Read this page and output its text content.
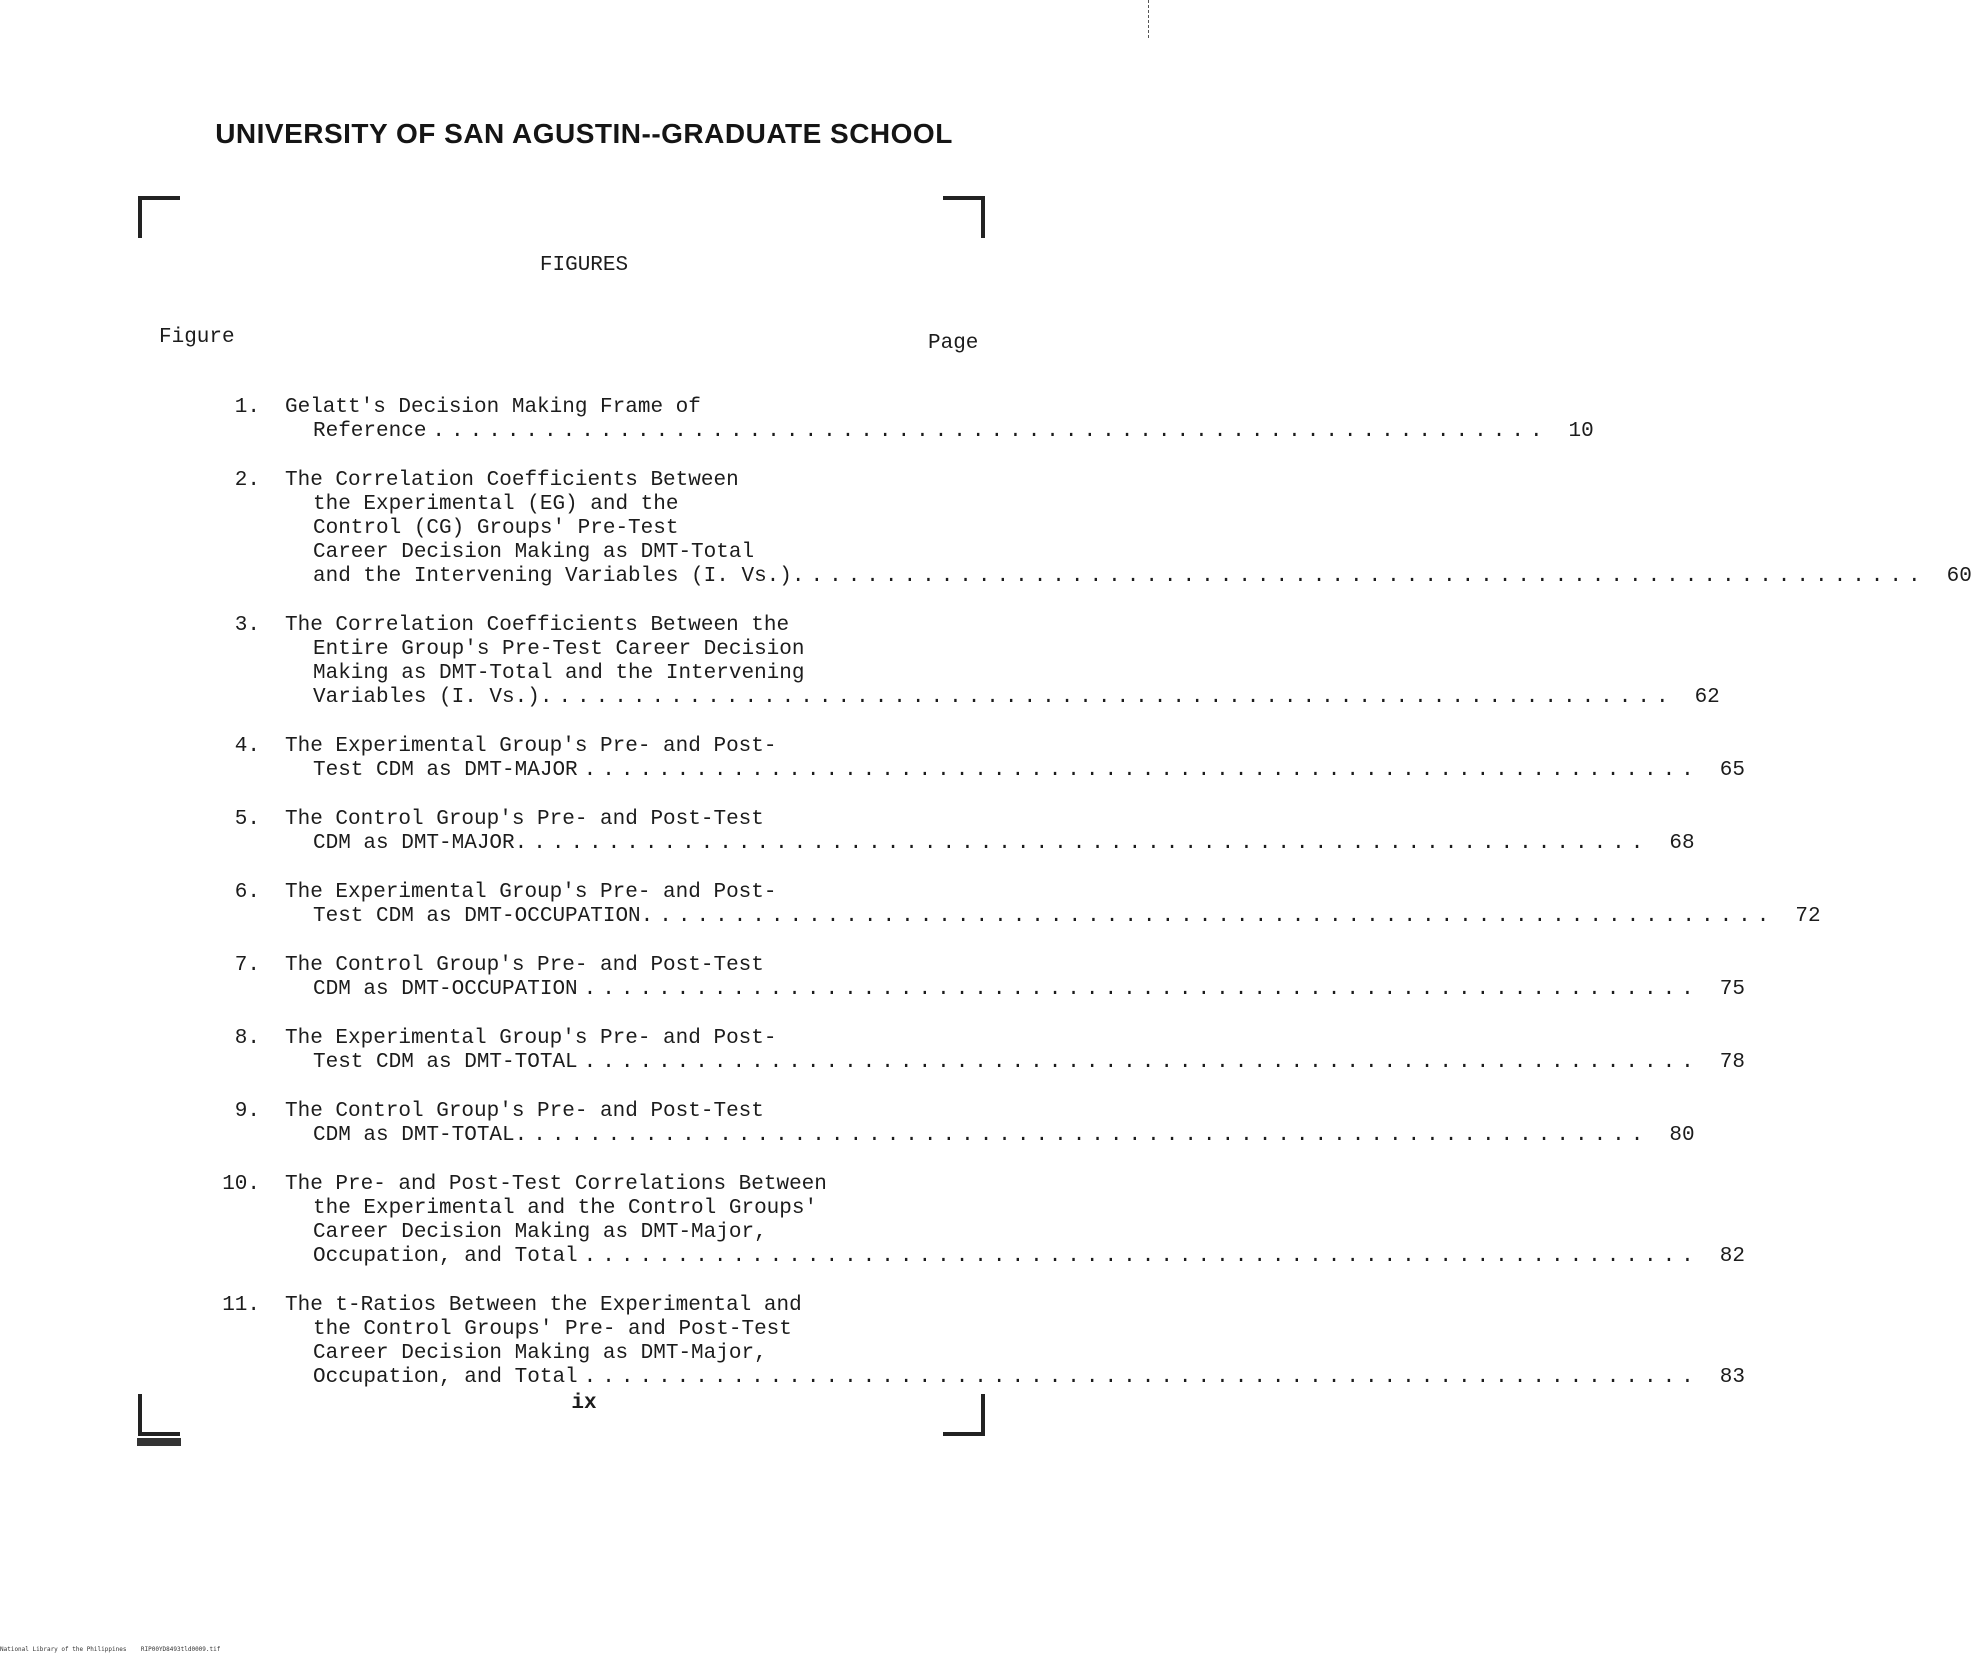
UNIVERSITY OF SAN AGUSTIN--GRADUATE SCHOOL
FIGURES
Figure	Page
1. Gelatt's Decision Making Frame of
Reference ............................................................ 10
2. The Correlation Coefficients Between
the Experimental (EG) and the
Control (CG) Groups' Pre-Test
Career Decision Making as DMT-Total
and the Intervening Variables (I. Vs.). ............................................................ 60
3. The Correlation Coefficients Between the
Entire Group's Pre-Test Career Decision
Making as DMT-Total and the Intervening
Variables (I. Vs.). ............................................................ 62
4. The Experimental Group's Pre- and Post-
Test CDM as DMT-MAJOR ............................................................ 65
5. The Control Group's Pre- and Post-Test
CDM as DMT-MAJOR. ............................................................ 68
6. The Experimental Group's Pre- and Post-
Test CDM as DMT-OCCUPATION. ............................................................ 72
7. The Control Group's Pre- and Post-Test
CDM as DMT-OCCUPATION ............................................................ 75
8. The Experimental Group's Pre- and Post-
Test CDM as DMT-TOTAL ............................................................ 78
9. The Control Group's Pre- and Post-Test
CDM as DMT-TOTAL. ............................................................ 80
10. The Pre- and Post-Test Correlations Between
the Experimental and the Control Groups'
Career Decision Making as DMT-Major,
Occupation, and Total ............................................................ 82
11. The t-Ratios Between the Experimental and
the Control Groups' Pre- and Post-Test
Career Decision Making as DMT-Major,
Occupation, and Total ............................................................ 83
ix
National Library of the Philippines    RIP00YD8493tld0009.tif
